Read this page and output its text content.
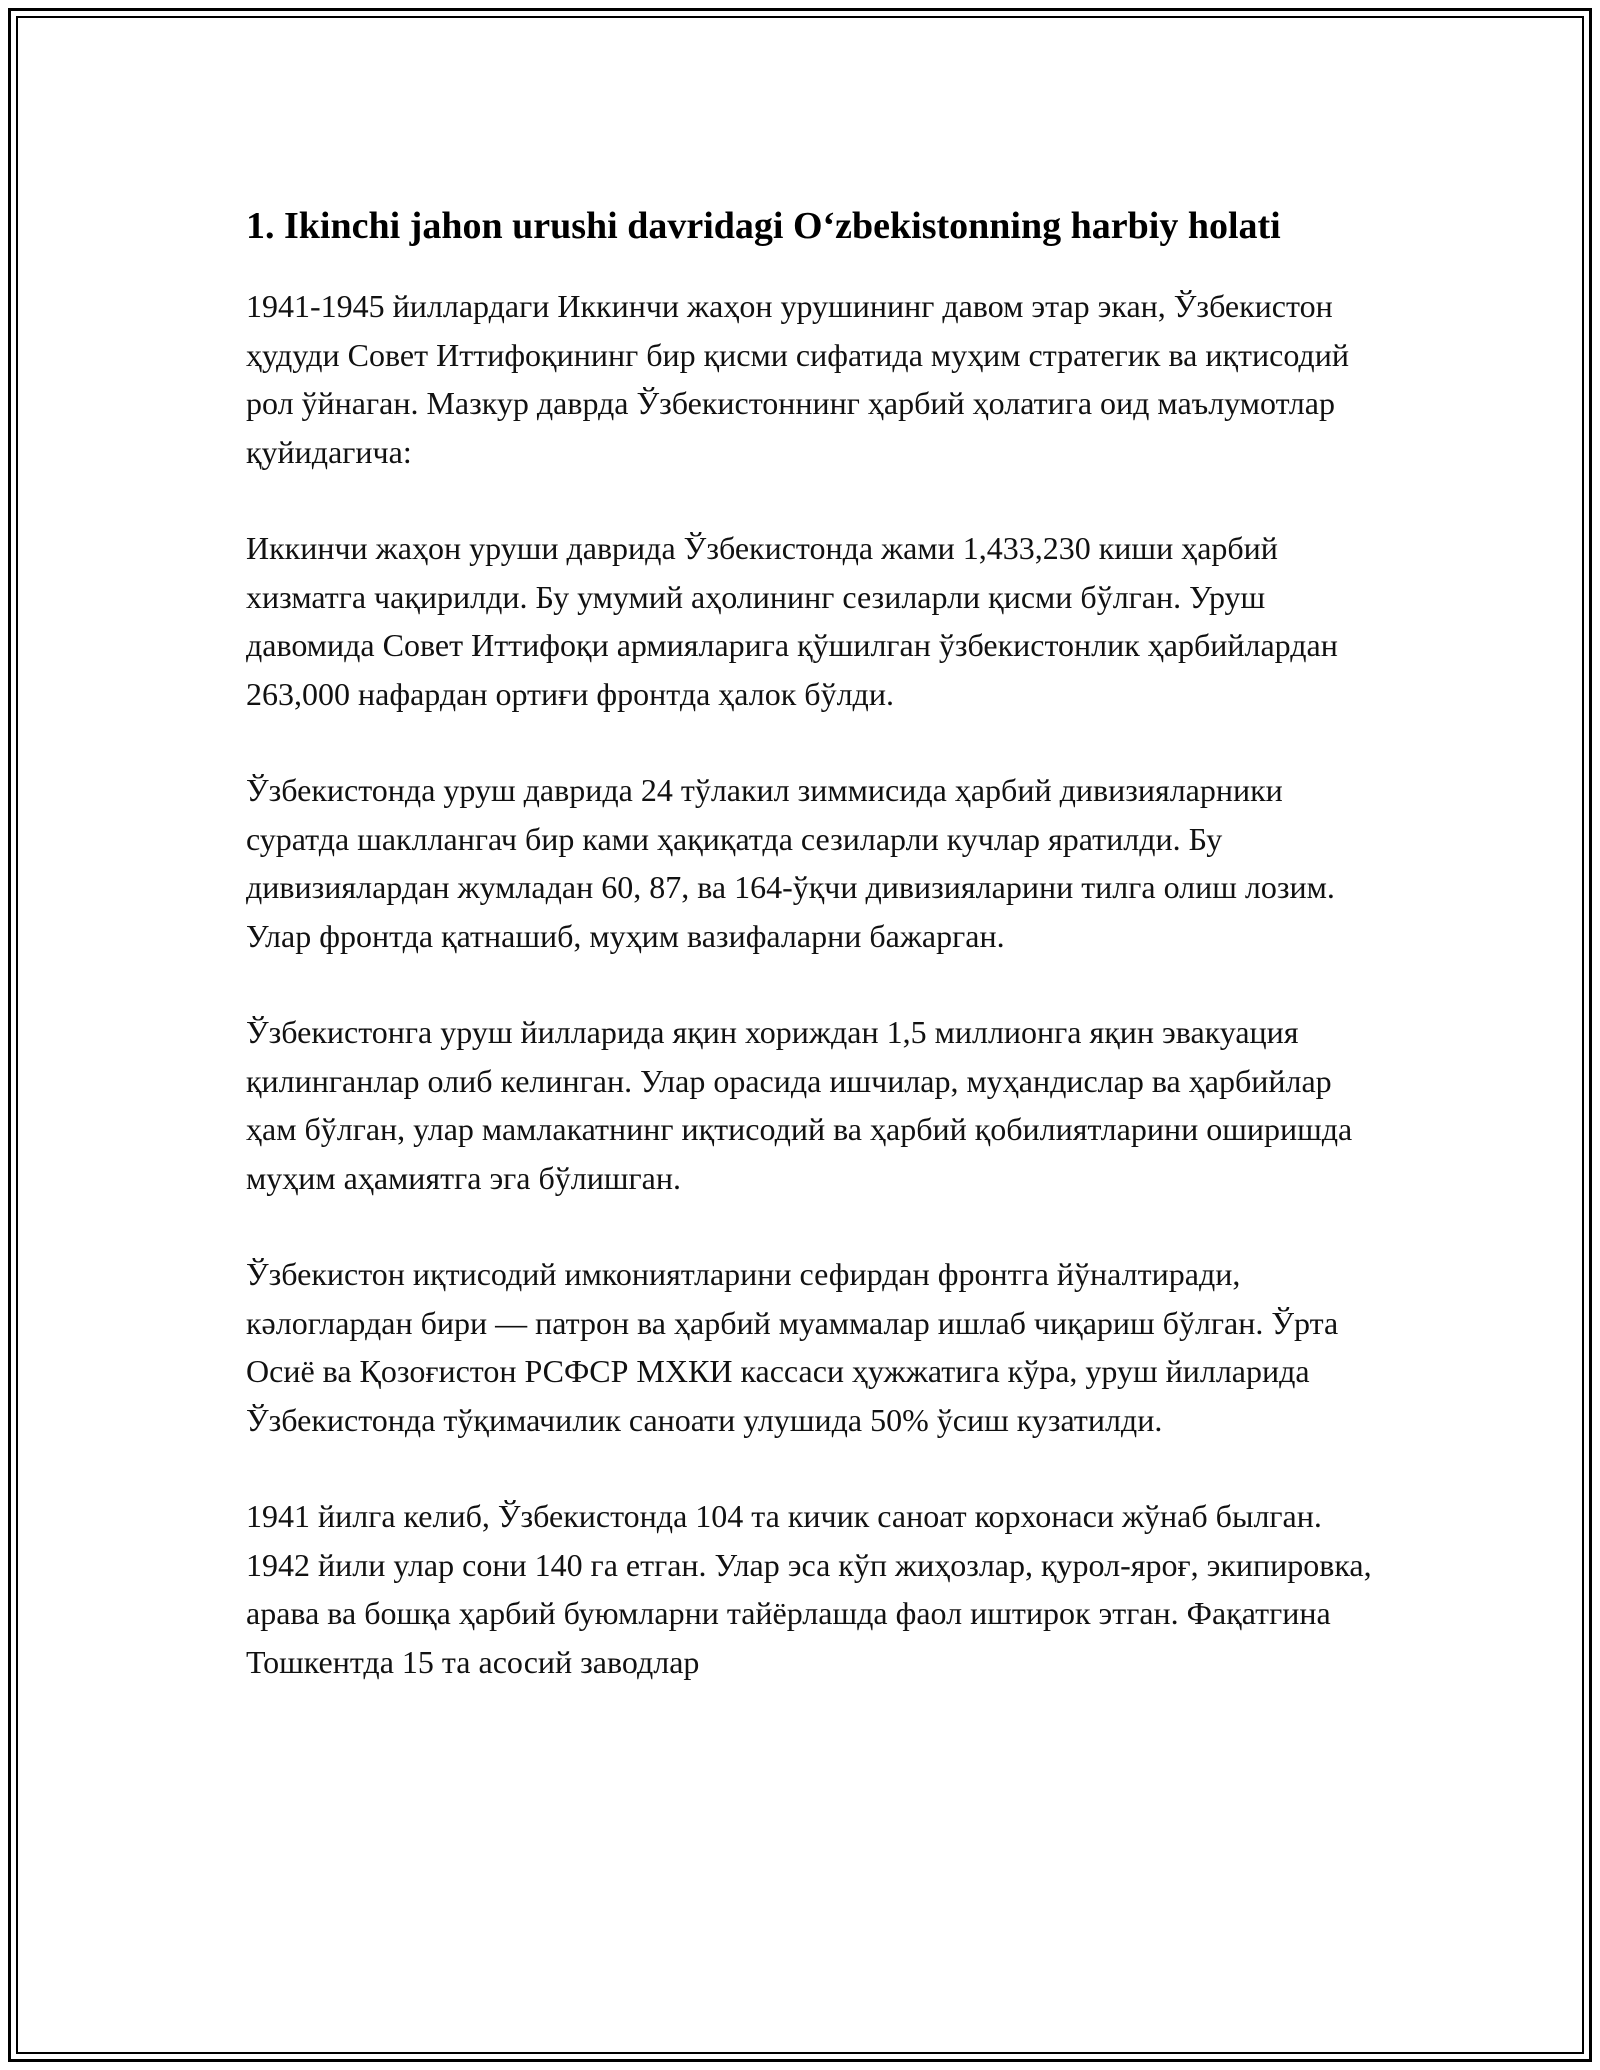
1. Ikinchi jahon urushi davridagi O‘zbekistonning harbiy holati

1941-1945 йиллардаги Иккинчи жаҳон урушининг давом этар экан, Ўзбекистон ҳудуди Совет Иттифоқининг бир қисми сифатида муҳим стратегик ва иқтисодий рол ўйнаган. Мазкур даврда Ўзбекистоннинг ҳарбий ҳолатига оид маълумотлар қуйидагича:

Иккинчи жаҳон уруши даврида Ўзбекистонда жами 1,433,230 киши ҳарбий хизматга чақирилди. Бу умумий аҳолининг сезиларли қисми бўлган. Уруш давомида Совет Иттифоқи армияларига қўшилган ўзбекистонлик ҳарбийлардан 263,000 нафардан ортиғи фронтда ҳалок бўлди.

Ўзбекистонда уруш даврида 24 тўлакил зиммисида ҳарбий дивизияларники суратда шакллангач бир ками ҳақиқатда сезиларли кучлар яратилди. Бу дивизиялардан жумладан 60, 87, ва 164-ўқчи дивизияларини тилга олиш лозим. Улар фронтда қатнашиб, муҳим вазифаларни бажарган.

Ўзбекистонга уруш йилларида яқин хориждан 1,5 миллионга яқин эвакуация қилинганлар олиб келинган. Улар орасида ишчилар, муҳандислар ва ҳарбийлар ҳам бўлган, улар мамлакатнинг иқтисодий ва ҳарбий қобилиятларини оширишда муҳим аҳамиятга эга бўлишган.

Ўзбекистон иқтисодий имкониятларини сефирдан фронтга йўналтиради, кәлоглардан бири — патрон ва ҳарбий муаммалар ишлаб чиқариш бўлган. Ўрта Осиё ва Қозоғистон РСФСР МХКИ кассаси ҳужжатига кўра, уруш йилларида Ўзбекистонда тўқимачилик саноати улушида 50% ўсиш кузатилди.

1941 йилга келиб, Ўзбекистонда 104 та кичик саноат корхонаси жўнаб былган. 1942 йили улар сони 140 га етган. Улар эса кўп жиҳозлар, қурол-яроғ, экипировка, арава ва бошқа ҳарбий буюмларни тайёрлашда фаол иштирок этган. Фақатгина Тошкентда 15 та асосий заводлар
